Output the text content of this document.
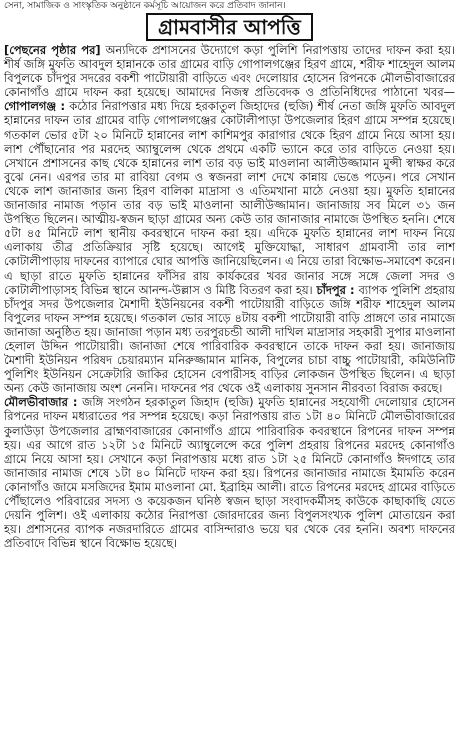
সেনা, সামাজিক ও সাংস্কৃতিক অনুষ্ঠানে কর্মসূচি আয়োজন করে প্রতিবাদ জানান।
গ্রামবাসীর আপত্তি

[পেছনের পৃষ্ঠার পর] অন্যদিকে প্রশাসনের উদ্যোগে কড়া পুলিশি নিরাপত্তায় তাদের দাফন করা হয়। শীর্ষ জঙ্গি মুফতি আবদুল হান্নানকে তার গ্রামের বাড়ি গোপালগঞ্জের হিরণ গ্রামে, শরীফ শাহেদুল আলম বিপুলকে চাঁদপুর সদরের বকশী পাটোয়ারী বাড়িতে এবং দেলোয়ার হোসেন রিপনকে মৌলভীবাজারের কোনাগাঁও গ্রামে দাফন করা হয়েছে। আমাদের নিজস্ব প্রতিবেদক ও প্রতিনিধিদের পাঠানো খবর— গোপালগঞ্জ : কঠোর নিরাপত্তার মধ্য দিয়ে হরকাতুল জিহাদের (হুজি) শীর্ষ নেতা জঙ্গি মুফতি আবদুল হান্নানের দাফন তার গ্রামের বাড়ি গোপালগঞ্জের কোটালীপাড়া উপজেলার হিরণ গ্রামে সম্পন্ন হয়েছে। গতকাল ভোর ৫টা ২০ মিনিটে হান্নানের লাশ কাশিমপুর কারাগার থেকে হিরণ গ্রামে নিয়ে আসা হয়। লাশ পৌঁছানোর পর মরদেহ অ্যাম্বুলেন্স থেকে প্রথমে একটি ভ্যানে করে তার বাড়িতে নেওয়া হয়। সেখানে প্রশাসনের কাছ থেকে হান্নানের লাশ তার বড় ভাই মাওলানা আলীউজ্জামান মুন্সী স্বাক্ষর করে বুঝে নেন। এরপর তার মা রাবিয়া বেগম ও স্বজনরা লাশ দেখে কান্নায় ভেঙে পড়েন। পরে সেখান থেকে লাশ জানাজার জন্য হিরণ বালিকা মাদ্রাসা ও এতিমখানা মাঠে নেওয়া হয়। মুফতি হান্নানের জানাজার নামাজ পড়ান তার বড় ভাই মাওলানা আলীউজ্জামান। জানাজায় সব মিলে ৩১ জন উপস্থিত ছিলেন। আত্মীয়-স্বজন ছাড়া গ্রামের অন্য কেউ তার জানাজার নামাজে উপস্থিত হননি। শেষে ৫টা ৪৫ মিনিটে লাশ স্থানীয় কবরস্থানে দাফন করা হয়। এদিকে মুফতি হান্নানের লাশ দাফন নিয়ে এলাকায় তীব্র প্রতিক্রিয়ার সৃষ্টি হয়েছে। আগেই মুক্তিযোদ্ধা, সাধারণ গ্রামবাসী তার লাশ কোটালীপাড়ায় দাফনের ব্যাপারে ঘোর আপত্তি জানিয়েছিলেন। এ নিয়ে তারা বিক্ষোভ-সমাবেশ করেন। এ ছাড়া রাতে মুফতি হান্নানের ফাঁসির রায় কার্যকরের খবর জানার সঙ্গে সঙ্গে জেলা সদর ও কোটালীপাড়াসহ বিভিন্ন স্থানে আনন্দ-উল্লাস ও মিষ্টি বিতরণ করা হয়। চাঁদপুর : ব্যাপক পুলিশি প্রহরায় চাঁদপুর সদর উপজেলার মৈশাদী ইউনিয়নের বকশী পাটোয়ারী বাড়িতে জঙ্গি শরীফ শাহেদুল আলম বিপুলের দাফন সম্পন্ন হয়েছে। গতকাল ভোর সাড়ে ৪টায় বকশী পাটোয়ারী বাড়ি প্রাঙ্গণে তার নামাজে জানাজা অনুষ্ঠিত হয়। জানাজা পড়ান মধ্য তরপুরচন্ডী আলী দাখিল মাদ্রাসার সহকারী সুপার মাওলানা হেলাল উদ্দিন পাটোয়ারী। জানাজা শেষে পারিবারিক কবরস্থানে তাকে দাফন করা হয়। জানাজায় মৈশাদী ইউনিয়ন পরিষদ চেয়ারম্যান মনিরুজ্জামান মানিক, বিপুলের চাচা বাচ্চু পাটোয়ারী, কমিউনিটি পুলিশিং ইউনিয়ন সেক্রেটারি জাকির হোসেন বেপারীসহ বাড়ির লোকজন উপস্থিত ছিলেন। এ ছাড়া অন্য কেউ জানাজায় অংশ নেননি। দাফনের পর থেকে ওই এলাকায় সুনসান নীরবতা বিরাজ করছে।

মৌলভীবাজার : জঙ্গি সংগঠন হরকাতুল জিহাদ (হুজি) মুফতি হান্নানের সহযোগী দেলোয়ার হোসেন রিপনের দাফন মধ্যরাতের পর সম্পন্ন হয়েছে। কড়া নিরাপত্তায় রাত ১টা ৪০ মিনিটে মৌলভীবাজারের কুলাউড়া উপজেলার ব্রাহ্মণবাজারের কোনাগাঁও গ্রামে পারিবারিক কবরস্থানে রিপনের দাফন সম্পন্ন হয়। এর আগে রাত ১২টা ১৫ মিনিটে অ্যাম্বুলেন্সে করে পুলিশ প্রহরায় রিপনের মরদেহ কোনাগাঁও গ্রামে নিয়ে আসা হয়। সেখানে কড়া নিরাপত্তায় মধ্যে রাত ১টা ২৫ মিনিটে কোনাগাঁও ঈদগাহে তার জানাজার নামাজ শেষে ১টা ৪০ মিনিটে দাফন করা হয়। রিপনের জানাজার নামাজে ইমামতি করেন কোনাগাঁও জামে মসজিদের ইমাম মাওলানা মো. ইব্রাহিম আলী। রাতে রিপনের মরদেহ গ্রামের বাড়িতে পৌঁছালেও পরিবারের সদস্য ও কয়েকজন ঘনিষ্ঠ স্বজন ছাড়া সংবাদকর্মীসহ কাউকে কাছাকাছি যেতে দেয়নি পুলিশ। ওই এলাকায় কঠোর নিরাপত্তা জোরদারের জন্য বিপুলসংখ্যক পুলিশ মোতায়েন করা হয়। প্রশাসনের ব্যাপক নজরদারিতে গ্রামের বাসিন্দারাও ভয়ে ঘর থেকে বের হননি। অবশ্য দাফনের প্রতিবাদে বিভিন্ন স্থানে বিক্ষোভ হয়েছে।
